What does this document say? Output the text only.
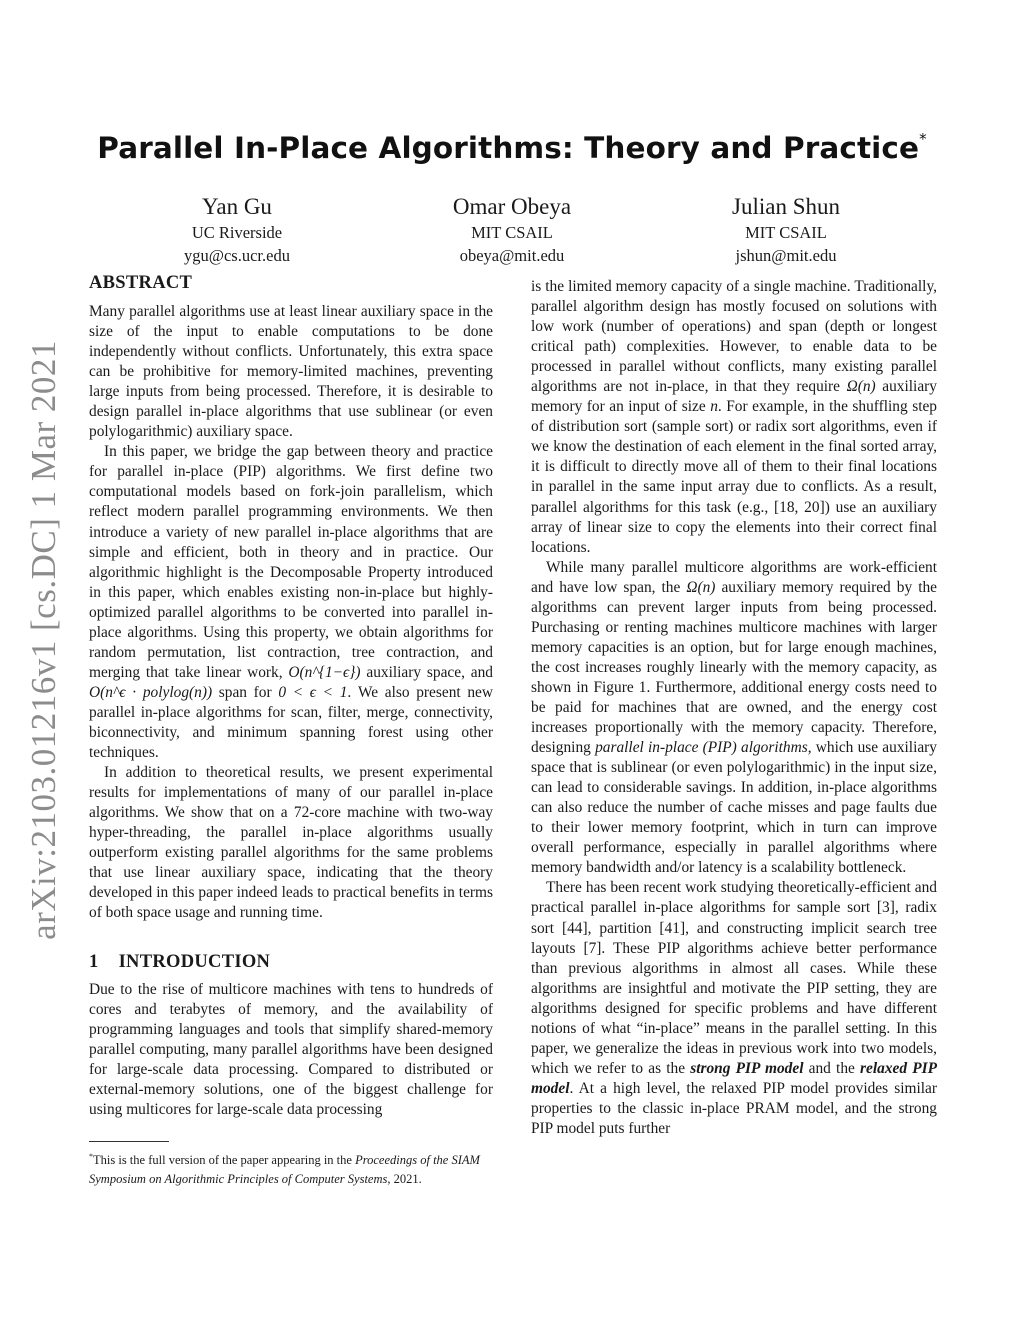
arXiv:2103.01216v1 [cs.DC] 1 Mar 2021
Parallel In-Place Algorithms: Theory and Practice*
Yan Gu
UC Riverside
ygu@cs.ucr.edu
Omar Obeya
MIT CSAIL
obeya@mit.edu
Julian Shun
MIT CSAIL
jshun@mit.edu
ABSTRACT

Many parallel algorithms use at least linear auxiliary space in the size of the input to enable computations to be done independently without conflicts. Unfortunately, this extra space can be prohibitive for memory-limited machines, preventing large inputs from being processed. Therefore, it is desirable to design parallel in-place algorithms that use sublinear (or even polylogarithmic) auxiliary space.

In this paper, we bridge the gap between theory and practice for parallel in-place (PIP) algorithms. We first define two computational models based on fork-join parallelism, which reflect modern parallel programming environments. We then introduce a variety of new parallel in-place algorithms that are simple and efficient, both in theory and in practice. Our algorithmic highlight is the Decomposable Property introduced in this paper, which enables existing non-in-place but highly-optimized parallel algorithms to be converted into parallel in-place algorithms. Using this property, we obtain algorithms for random permutation, list contraction, tree contraction, and merging that take linear work, O(n^{1−ϵ}) auxiliary space, and O(n^ϵ · polylog(n)) span for 0 < ϵ < 1. We also present new parallel in-place algorithms for scan, filter, merge, connectivity, biconnectivity, and minimum spanning forest using other techniques.

In addition to theoretical results, we present experimental results for implementations of many of our parallel in-place algorithms. We show that on a 72-core machine with two-way hyper-threading, the parallel in-place algorithms usually outperform existing parallel algorithms for the same problems that use linear auxiliary space, indicating that the theory developed in this paper indeed leads to practical benefits in terms of both space usage and running time.

1 INTRODUCTION

Due to the rise of multicore machines with tens to hundreds of cores and terabytes of memory, and the availability of programming languages and tools that simplify shared-memory parallel computing, many parallel algorithms have been designed for large-scale data processing. Compared to distributed or external-memory solutions, one of the biggest challenge for using multicores for large-scale data processing

*This is the full version of the paper appearing in the Proceedings of the SIAM Symposium on Algorithmic Principles of Computer Systems, 2021.

is the limited memory capacity of a single machine. Traditionally, parallel algorithm design has mostly focused on solutions with low work (number of operations) and span (depth or longest critical path) complexities. However, to enable data to be processed in parallel without conflicts, many existing parallel algorithms are not in-place, in that they require Ω(n) auxiliary memory for an input of size n. For example, in the shuffling step of distribution sort (sample sort) or radix sort algorithms, even if we know the destination of each element in the final sorted array, it is difficult to directly move all of them to their final locations in parallel in the same input array due to conflicts. As a result, parallel algorithms for this task (e.g., [18, 20]) use an auxiliary array of linear size to copy the elements into their correct final locations.

While many parallel multicore algorithms are work-efficient and have low span, the Ω(n) auxiliary memory required by the algorithms can prevent larger inputs from being processed. Purchasing or renting machines multicore machines with larger memory capacities is an option, but for large enough machines, the cost increases roughly linearly with the memory capacity, as shown in Figure 1. Furthermore, additional energy costs need to be paid for machines that are owned, and the energy cost increases proportionally with the memory capacity. Therefore, designing parallel in-place (PIP) algorithms, which use auxiliary space that is sublinear (or even polylogarithmic) in the input size, can lead to considerable savings. In addition, in-place algorithms can also reduce the number of cache misses and page faults due to their lower memory footprint, which in turn can improve overall performance, especially in parallel algorithms where memory bandwidth and/or latency is a scalability bottleneck.

There has been recent work studying theoretically-efficient and practical parallel in-place algorithms for sample sort [3], radix sort [44], partition [41], and constructing implicit search tree layouts [7]. These PIP algorithms achieve better performance than previous algorithms in almost all cases. While these algorithms are insightful and motivate the PIP setting, they are algorithms designed for specific problems and have different notions of what “in-place” means in the parallel setting. In this paper, we generalize the ideas in previous work into two models, which we refer to as the strong PIP model and the relaxed PIP model. At a high level, the relaxed PIP model provides similar properties to the classic in-place PRAM model, and the strong PIP model puts further
